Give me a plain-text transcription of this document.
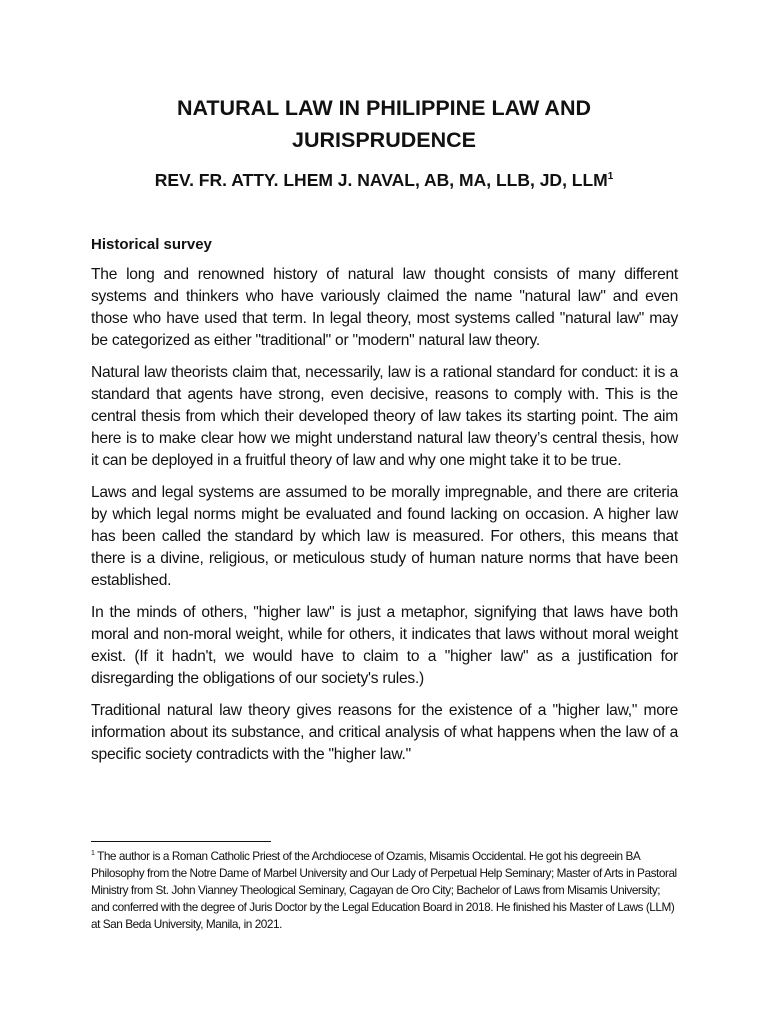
NATURAL LAW IN PHILIPPINE LAW AND JURISPRUDENCE
REV. FR. ATTY. LHEM J. NAVAL, AB, MA, LLB, JD, LLM$^1$
Historical survey

The long and renowned history of natural law thought consists of many different systems and thinkers who have variously claimed the name "natural law" and even those who have used that term. In legal theory, most systems called "natural law" may be categorized as either "traditional" or "modern" natural law theory.

Natural law theorists claim that, necessarily, law is a rational standard for conduct: it is a standard that agents have strong, even decisive, reasons to comply with. This is the central thesis from which their developed theory of law takes its starting point. The aim here is to make clear how we might understand natural law theory’s central thesis, how it can be deployed in a fruitful theory of law and why one might take it to be true.

Laws and legal systems are assumed to be morally impregnable, and there are criteria by which legal norms might be evaluated and found lacking on occasion. A higher law has been called the standard by which law is measured. For others, this means that there is a divine, religious, or meticulous study of human nature norms that have been established.

In the minds of others, "higher law" is just a metaphor, signifying that laws have both moral and non-moral weight, while for others, it indicates that laws without moral weight exist. (If it hadn't, we would have to claim to a "higher law" as a justification for disregarding the obligations of our society's rules.)

Traditional natural law theory gives reasons for the existence of a "higher law," more information about its substance, and critical analysis of what happens when the law of a specific society contradicts with the "higher law."

$^1$ The author is a Roman Catholic Priest of the Archdiocese of Ozamis, Misamis Occidental. He got his degreein BA Philosophy from the Notre Dame of Marbel University and Our Lady of Perpetual Help Seminary; Master of Arts in Pastoral Ministry from St. John Vianney Theological Seminary, Cagayan de Oro City; Bachelor of Laws from Misamis University; and conferred with the degree of Juris Doctor by the Legal Education Board in 2018. He finished his Master of Laws (LLM) at San Beda University, Manila, in 2021.
